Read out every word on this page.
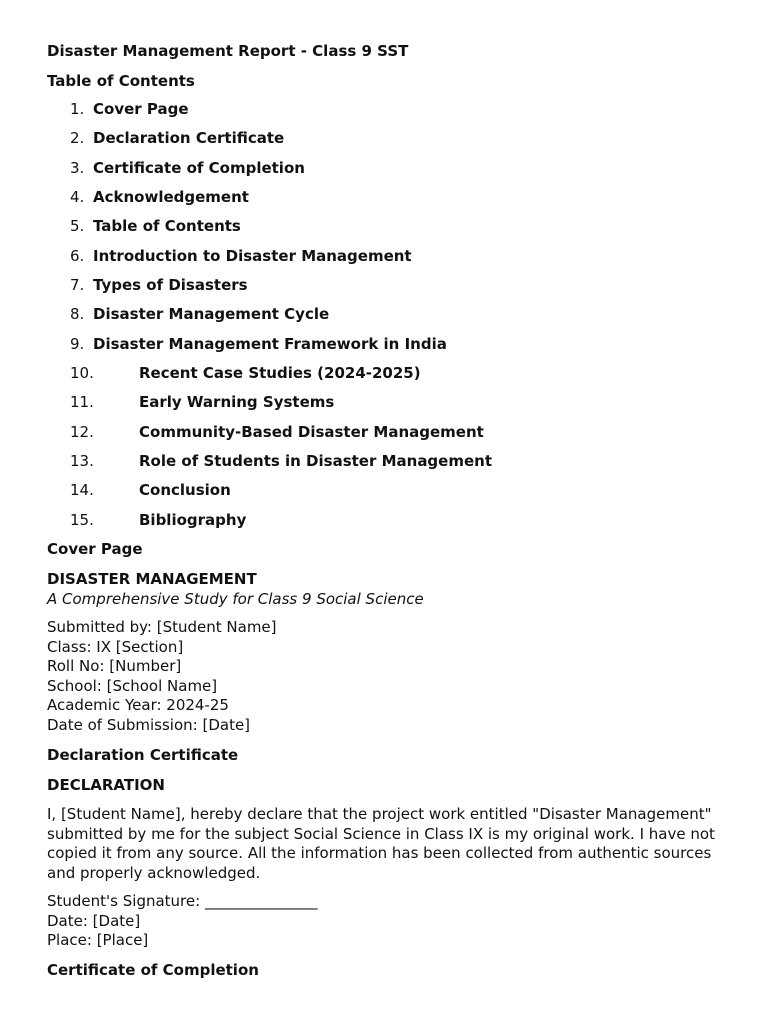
Disaster Management Report - Class 9 SST

Table of Contents

1. Cover Page
2. Declaration Certificate
3. Certificate of Completion
4. Acknowledgement
5. Table of Contents
6. Introduction to Disaster Management
7. Types of Disasters
8. Disaster Management Cycle
9. Disaster Management Framework in India
10.	Recent Case Studies (2024-2025)
11.	Early Warning Systems
12.	Community-Based Disaster Management
13.	Role of Students in Disaster Management
14.	Conclusion
15.	Bibliography

Cover Page

DISASTER MANAGEMENT

A Comprehensive Study for Class 9 Social Science

Submitted by: [Student Name]
Class: IX [Section]
Roll No: [Number]
School: [School Name]
Academic Year: 2024-25
Date of Submission: [Date]

Declaration Certificate

DECLARATION

I, [Student Name], hereby declare that the project work entitled "Disaster Management" submitted by me for the subject Social Science in Class IX is my original work. I have not copied it from any source. All the information has been collected from authentic sources and properly acknowledged.

Student's Signature: _______________
Date: [Date]
Place: [Place]

Certificate of Completion
